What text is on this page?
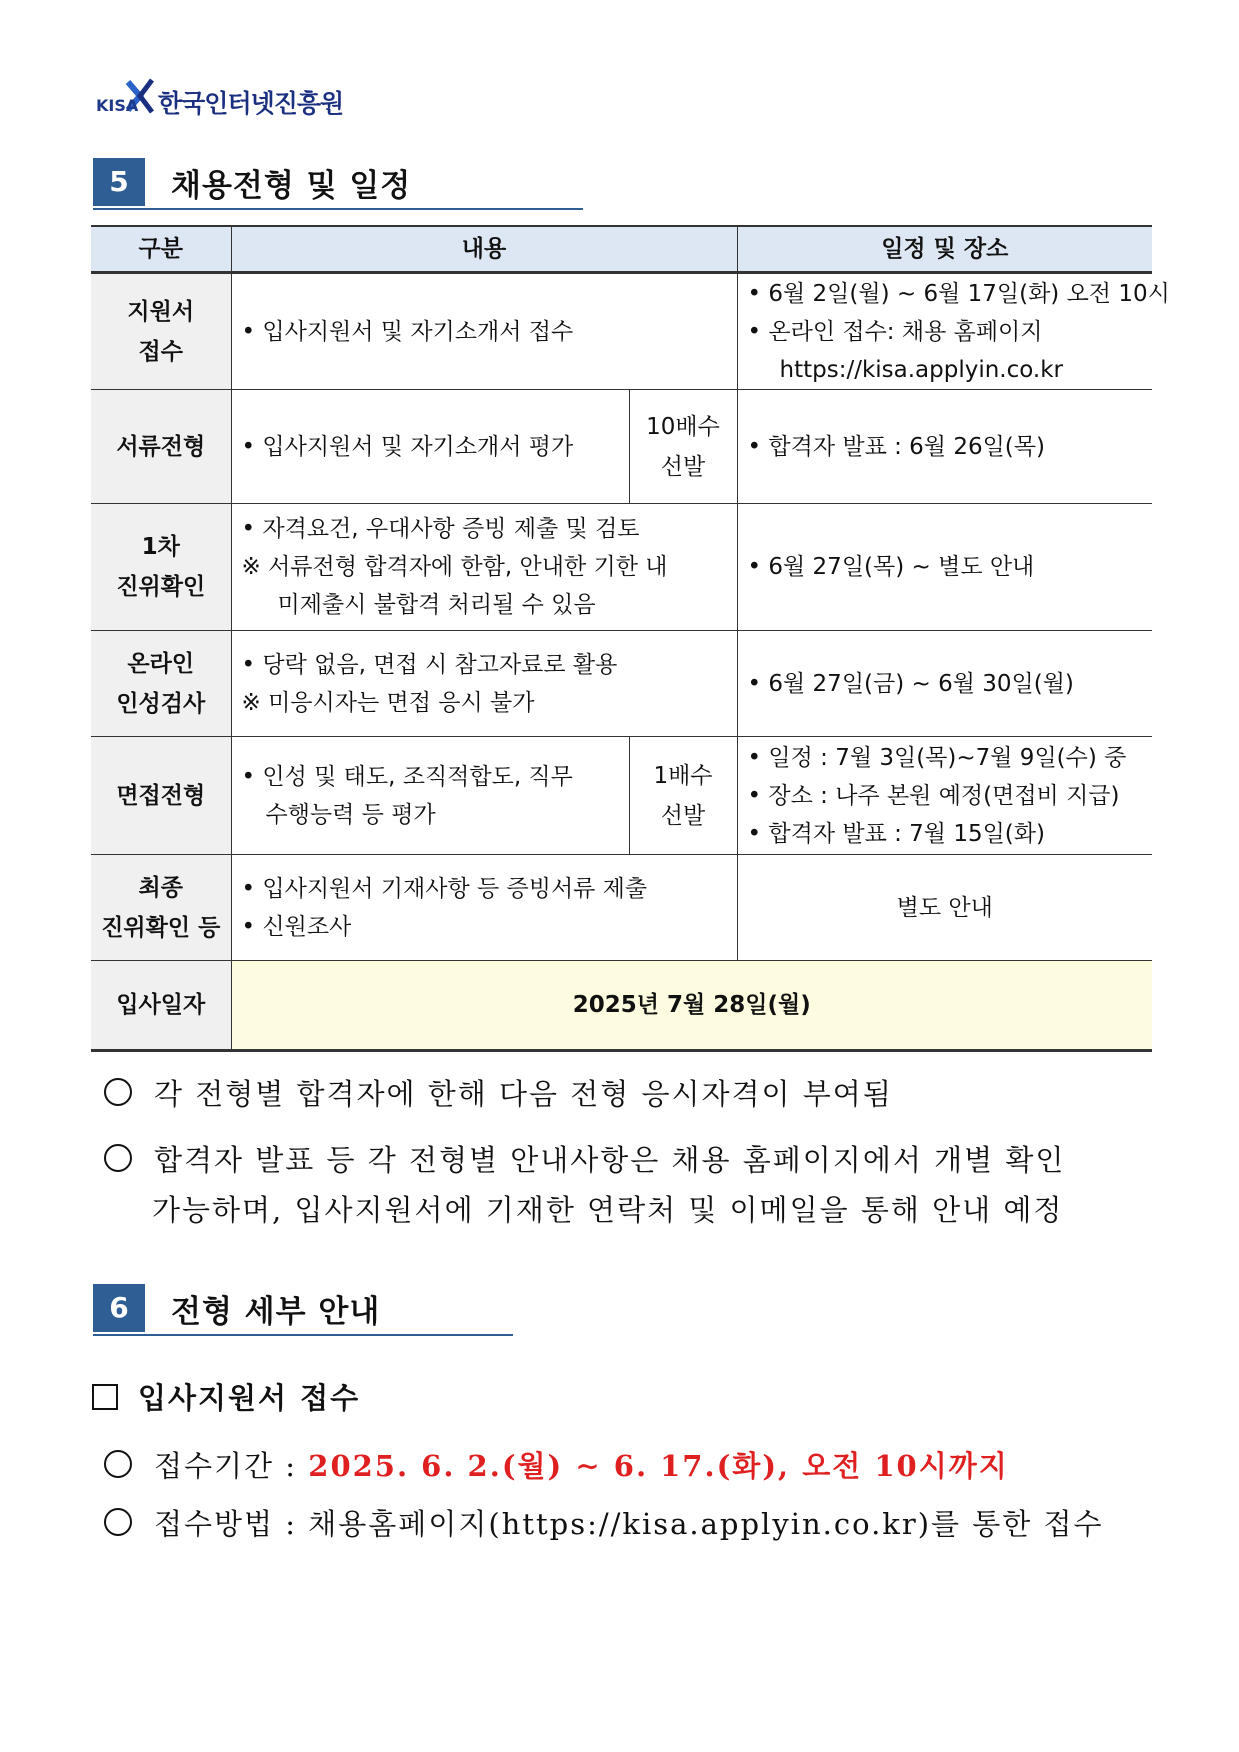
KISA 한국인터넷진흥원
5	채용전형 및 일정
구분	내용		일정 및 장소

지원서
접수	• 입사지원서 및 자기소개서 접수		• 6월 2일(월) ~ 6월 17일(화) 오전 10시
• 온라인 접수: 채용 홈페이지
https://kisa.applyin.co.kr

서류전형	• 입사지원서 및 자기소개서 평가	10배수
선발	• 합격자 발표 : 6월 26일(목)

1차
진위확인	• 자격요건, 우대사항 증빙 제출 및 검토
※ 서류전형 합격자에 한함, 안내한 기한 내
미제출시 불합격 처리될 수 있음		• 6월 27일(목) ~ 별도 안내

온라인
인성검사	• 당락 없음, 면접 시 참고자료로 활용
※ 미응시자는 면접 응시 불가		• 6월 27일(금) ~ 6월 30일(월)

면접전형	• 인성 및 태도, 조직적합도, 직무
수행능력 등 평가	1배수
선발	• 일정 : 7월 3일(목)~7월 9일(수) 중
• 장소 : 나주 본원 예정(면접비 지급)
• 합격자 발표 : 7월 15일(화)

최종
진위확인 등	• 입사지원서 기재사항 등 증빙서류 제출
• 신원조사		별도 안내
입사일자	2025년 7월 28일(월)		
각 전형별 합격자에 한해 다음 전형 응시자격이 부여됨
합격자 발표 등 각 전형별 안내사항은 채용 홈페이지에서 개별 확인
가능하며, 입사지원서에 기재한 연락처 및 이메일을 통해 안내 예정
6	전형 세부 안내
입사지원서 접수
접수기간 : 2025. 6. 2.(월) ∼ 6. 17.(화), 오전 10시까지
접수방법 : 채용홈페이지(https://kisa.applyin.co.kr)를 통한 접수
